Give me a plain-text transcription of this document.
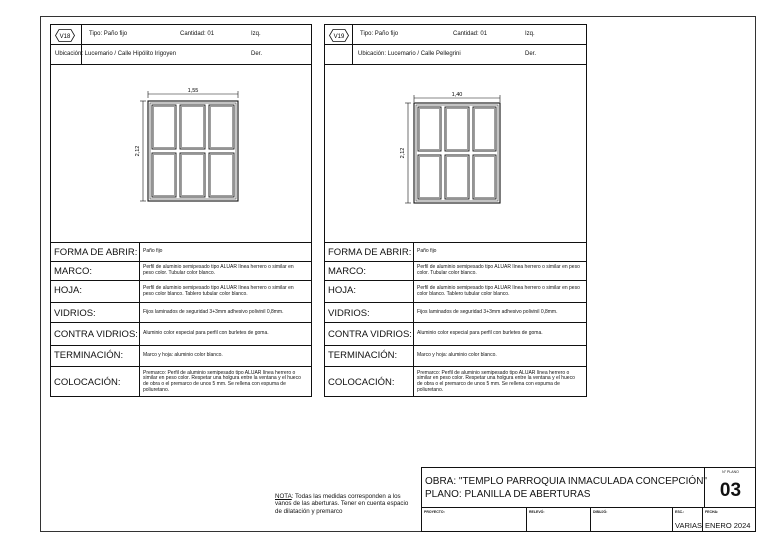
V18	Tipo: Paño fijo	Cantidad: 01	Izq.
Ubicación: Lucemario / Calle Hipólito Irigoyen	Der.
1,55
2,12
FORMA DE ABRIR:	Paño fijo
MARCO:	Perfil de aluminio semipesado tipo ALUAR línea herrero o similar en peso color. Tubular color blanco.
HOJA:	Perfil de aluminio semipesado tipo ALUAR línea herrero o similar en peso color blanco. Tablero tubular color blanco.
VIDRIOS:	Fijos laminados de seguridad 3+3mm adhesivo polivinil 0,8mm.
CONTRA VIDRIOS:	Aluminio color especial para perfil con burletes de goma.
TERMINACIÓN:	Marco y hoja: aluminio color blanco.
COLOCACIÓN:
Premarco: Perfil de aluminio semipesado tipo ALUAR línea herrero o similar en peso color. Respetar una holgura entre la ventana y el hueco de obra o el premarco de unos 5 mm. Se rellena con espuma de poliuretano.
V19	Tipo: Paño fijo	Cantidad: 01	Izq.
Ubicación: Lucemario / Calle Pellegrini	Der.
1,40
2,12
FORMA DE ABRIR:	Paño fijo
MARCO:	Perfil de aluminio semipesado tipo ALUAR línea herrero o similar en peso color. Tubular color blanco.
HOJA:	Perfil de aluminio semipesado tipo ALUAR línea herrero o similar en peso color blanco. Tablero tubular color blanco.
VIDRIOS:	Fijos laminados de seguridad 3+3mm adhesivo polivinil 0,8mm.
CONTRA VIDRIOS:	Aluminio color especial para perfil con burletes de goma.
TERMINACIÓN:	Marco y hoja: aluminio color blanco.
COLOCACIÓN:
Premarco: Perfil de aluminio semipesado tipo ALUAR línea herrero o similar en peso color. Respetar una holgura entre la ventana y el hueco de obra o el premarco de unos 5 mm. Se rellena con espuma de poliuretano.
NOTA: Todas las medidas corresponden a los vanos de las aberturas. Tener en cuenta espacio de dilatación y premarco
OBRA: "TEMPLO PARROQUIA INMACULADA CONCEPCIÓN"
PLANO: PLANILLA DE ABERTURAS
N° PLANO
03
PROYECTO:	RELEVÓ:	DIBUJÓ:	ESC.:
VARIAS
FECHA:
ENERO 2024
